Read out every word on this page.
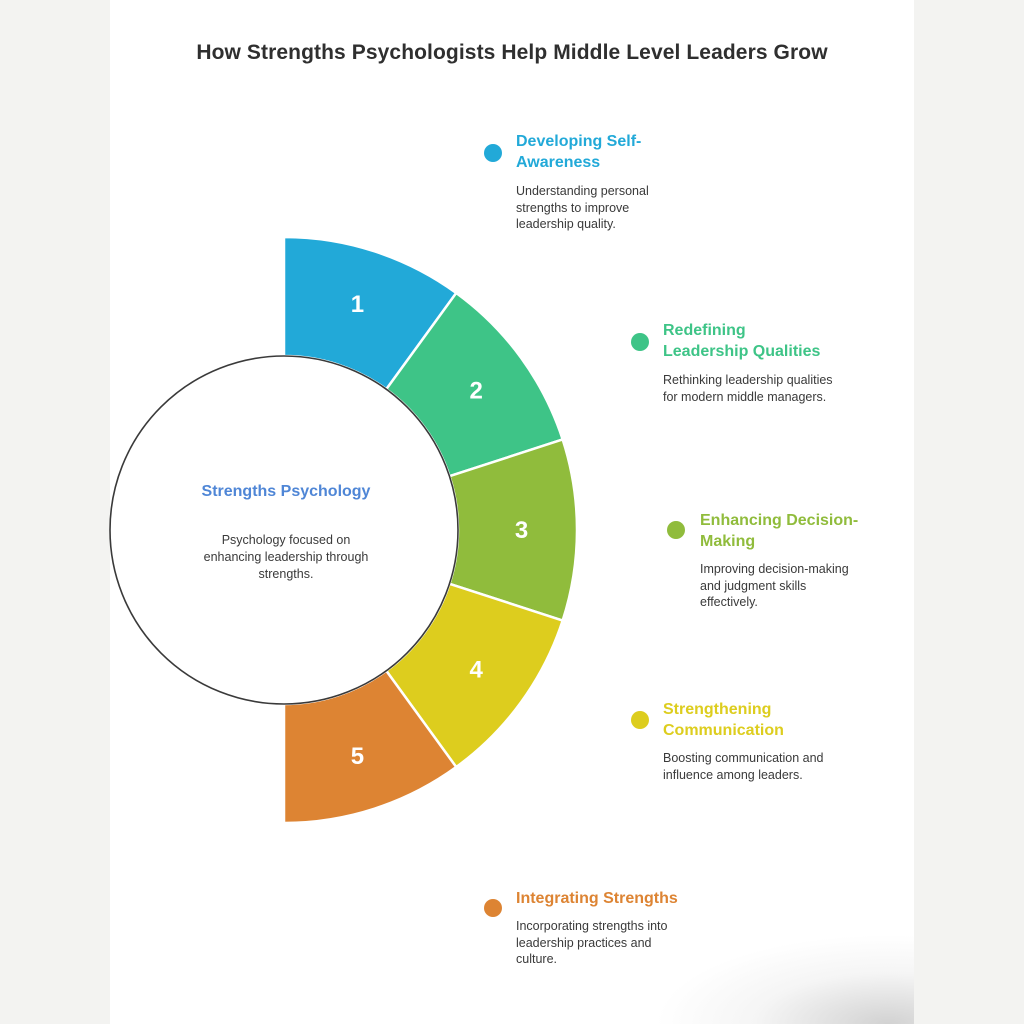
How Strengths Psychologists Help Middle Level Leaders Grow
1
2
3
4
5
Strengths Psychology
Psychology focused on enhancing leadership through strengths.
Developing Self-Awareness
Understanding personal strengths to improve leadership quality.
Redefining Leadership Qualities
Rethinking leadership qualities for modern middle managers.
Enhancing Decision-Making
Improving decision-making and judgment skills effectively.
Strengthening Communication
Boosting communication and influence among leaders.
Integrating Strengths
Incorporating strengths into leadership practices and culture.
